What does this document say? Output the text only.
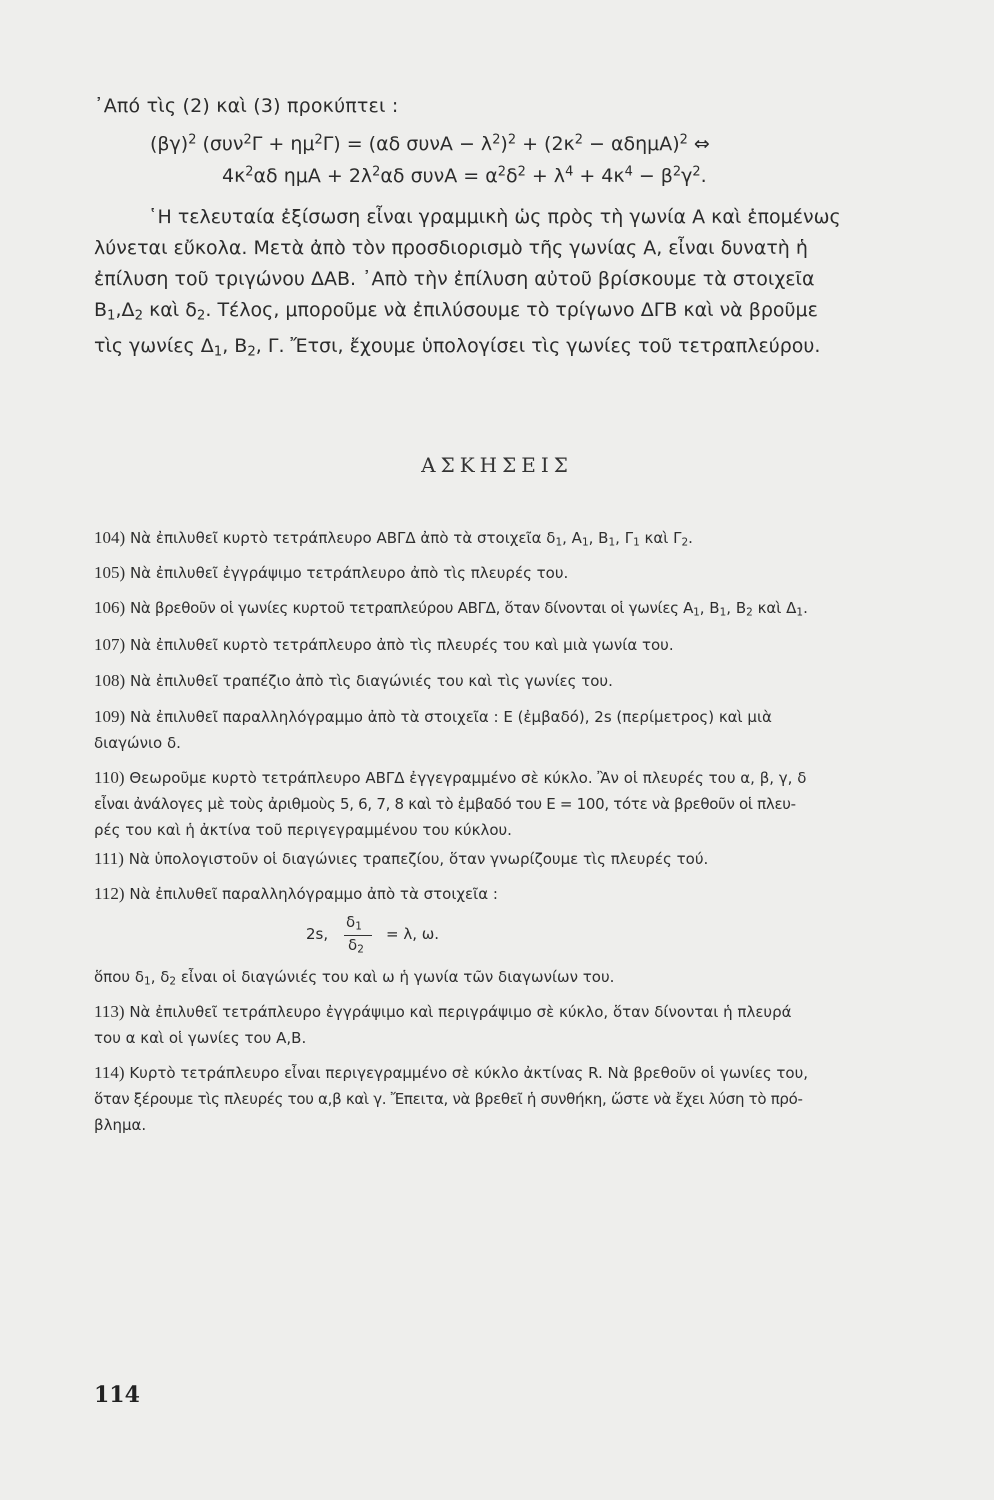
᾿Από τὶς (2) καὶ (3) προκύπτει :
$(\beta\gamma)^2$ $(\sigma\upsilon\nu^2\Gamma + \eta\mu^2\Gamma) = (\alpha\delta$ $\sigma\upsilon\nu A - \lambda^2)^2 + (2\kappa^2 - \alpha\delta\eta\mu A)^2$ ⇔
$4\kappa^2\alpha\delta$ $\eta\mu A + 2\lambda^2\alpha\delta$ $\sigma\upsilon\nu A = \alpha^2\delta^2 + \lambda^4 + 4\kappa^4 - \beta^2\gamma^2$.
῾Η τελευταία ἐξίσωση εἶναι γραμμικὴ ὡς πρὸς τὴ γωνία Α καὶ ἑπομένως
λύνεται εὔκολα. Μετὰ ἀπὸ τὸν προσδιορισμὸ τῆς γωνίας Α, εἶναι δυνατὴ ἡ
ἐπίλυση τοῦ τριγώνου ΔΑΒ. ᾿Απὸ τὴν ἐπίλυση αὐτοῦ βρίσκουμε τὰ στοιχεῖα
$B_1,\Delta_2$ καὶ $\delta_2$. Τέλος, μποροῦμε νὰ ἐπιλύσουμε τὸ τρίγωνο ΔΓΒ καὶ νὰ βροῦμε
τὶς γωνίες $\Delta_1$, $B_2$, Γ. Ἔτσι, ἔχουμε ὑπολογίσει τὶς γωνίες τοῦ τετραπλεύρου.
ΑΣΚΗΣΕΙΣ
104) Νὰ ἐπιλυθεῖ κυρτὸ τετράπλευρο ΑΒΓΔ ἀπὸ τὰ στοιχεῖα $\delta_1$, $A_1$, $B_1$, $\Gamma_1$ καὶ $\Gamma_2$.
105) Νὰ ἐπιλυθεῖ ἐγγράψιμο τετράπλευρο ἀπὸ τὶς πλευρές του.
106) Νὰ βρεθοῦν οἱ γωνίες κυρτοῦ τετραπλεύρου ΑΒΓΔ, ὅταν δίνονται οἱ γωνίες $A_1$, $B_1$, $B_2$ καὶ $\Delta_1$.
107) Νὰ ἐπιλυθεῖ κυρτὸ τετράπλευρο ἀπὸ τὶς πλευρές του καὶ μιὰ γωνία του.
108) Νὰ ἐπιλυθεῖ τραπέζιο ἀπὸ τὶς διαγώνιές του καὶ τὶς γωνίες του.
109) Νὰ ἐπιλυθεῖ παραλληλόγραμμο ἀπὸ τὰ στοιχεῖα : Ε (ἐμβαδό), 2s (περίμετρος) καὶ μιὰ
διαγώνιο δ.
110) Θεωροῦμε κυρτὸ τετράπλευρο ΑΒΓΔ ἐγγεγραμμένο σὲ κύκλο. Ἂν οἱ πλευρές του α, β, γ, δ
εἶναι ἀνάλογες μὲ τοὺς ἀριθμοὺς 5, 6, 7, 8 καὶ τὸ ἐμβαδό του Ε = 100, τότε νὰ βρεθοῦν οἱ πλευ-
ρές του καὶ ἡ ἀκτίνα τοῦ περιγεγραμμένου του κύκλου.
111) Νὰ ὑπολογιστοῦν οἱ διαγώνιες τραπεζίου, ὅταν γνωρίζουμε τὶς πλευρές τού.
112) Νὰ ἐπιλυθεῖ παραλληλόγραμμο ἀπὸ τὰ στοιχεῖα :
2s,
$\delta_1$
$\delta_2$
= λ, ω.
ὅπου $\delta_1$, $\delta_2$ εἶναι οἱ διαγώνιές του καὶ ω ἡ γωνία τῶν διαγωνίων του.
113) Νὰ ἐπιλυθεῖ τετράπλευρο ἐγγράψιμο καὶ περιγράψιμο σὲ κύκλο, ὅταν δίνονται ἡ πλευρά
του α καὶ οἱ γωνίες του Α,Β.
114) Κυρτὸ τετράπλευρο εἶναι περιγεγραμμένο σὲ κύκλο ἀκτίνας R. Νὰ βρεθοῦν οἱ γωνίες του,
ὅταν ξέρουμε τὶς πλευρές του α,β καὶ γ. Ἔπειτα, νὰ βρεθεῖ ἡ συνθήκη, ὥστε νὰ ἔχει λύση τὸ πρό-
βλημα.
114
